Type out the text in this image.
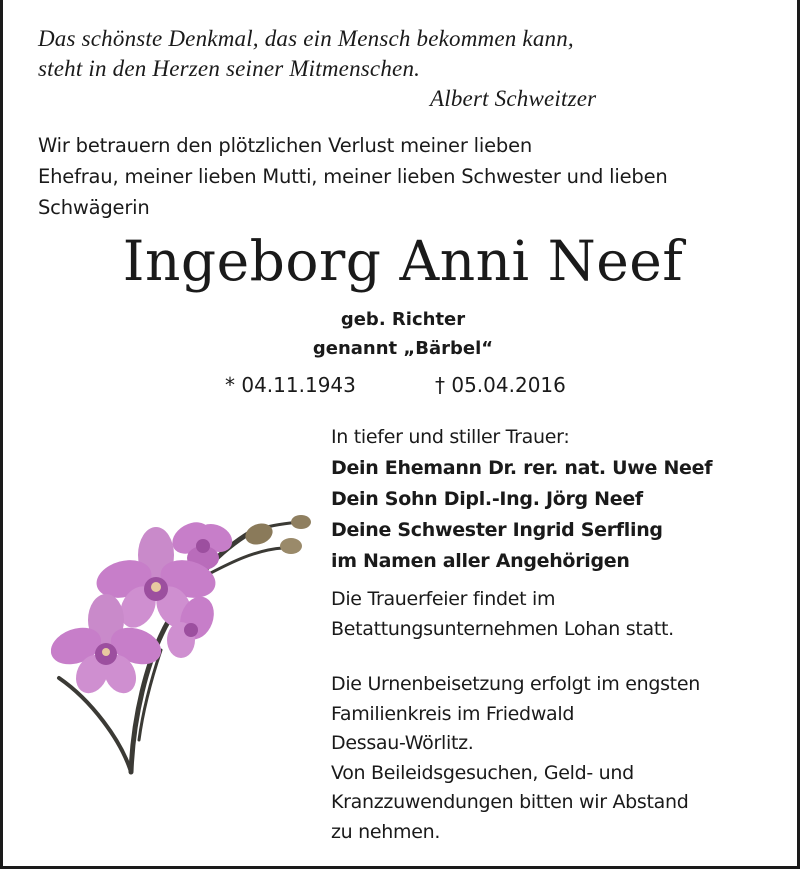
Das schönste Denkmal, das ein Mensch bekommen kann,
steht in den Herzen seiner Mitmenschen.
Albert Schweitzer
Wir betrauern den plötzlichen Verlust meiner lieben
Ehefrau, meiner lieben Mutti, meiner lieben Schwester und lieben
Schwägerin
Ingeborg Anni Neef
geb. Richter
genannt „Bärbel“
* 04.11.1943	† 05.04.2016
In tiefer und stiller Trauer:
Dein Ehemann Dr. rer. nat. Uwe Neef
Dein Sohn Dipl.-Ing. Jörg Neef
Deine Schwester Ingrid Serfling
im Namen aller Angehörigen
Die Trauerfeier findet im
Betattungsunternehmen Lohan statt.
Die Urnenbeisetzung erfolgt im engsten
Familienkreis im Friedwald
Dessau-Wörlitz.
Von Beileidsgesuchen, Geld- und
Kranzzuwendungen bitten wir Abstand
zu nehmen.
